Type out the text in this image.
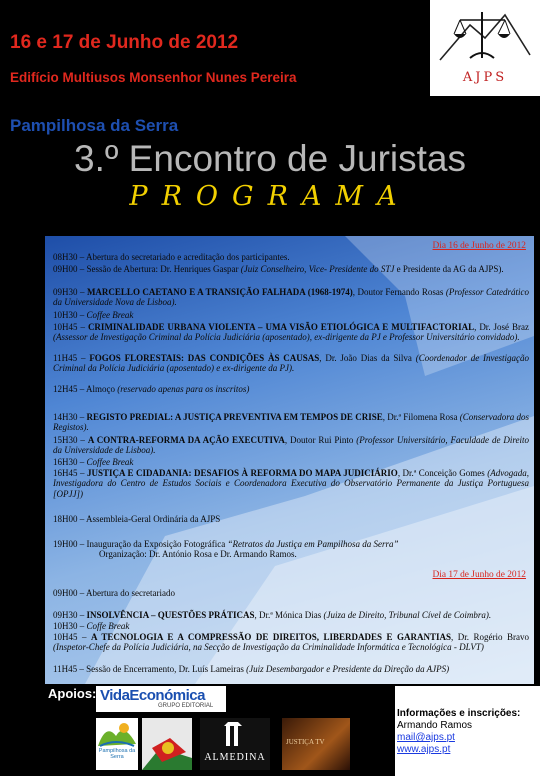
16 e 17 de Junho de 2012
Edifício Multiusos Monsenhor Nunes Pereira	AJPS
Pampilhosa da Serra
3.º Encontro de Juristas
PROGRAMA
Dia 16 de Junho de 2012
08H30 – Abertura do secretariado e acreditação dos participantes.
09H00 – Sessão de Abertura: Dr. Henriques Gaspar (Juiz Conselheiro, Vice- Presidente do STJ e Presidente da AG da AJPS).
09H30 – MARCELLO CAETANO E A TRANSIÇÃO FALHADA (1968-1974), Doutor Fernando Rosas (Professor Catedrático da Universidade Nova de Lisboa).
10H30 – Coffee Break
10H45 – CRIMINALIDADE URBANA VIOLENTA – UMA VISÃO ETIOLÓGICA E MULTIFACTORIAL, Dr. José Braz (Assessor de Investigação Criminal da Polícia Judiciária (aposentado), ex-dirigente da PJ e Professor Universitário convidado).
11H45 – FOGOS FLORESTAIS: DAS CONDIÇÕES ÀS CAUSAS, Dr. João Dias da Silva (Coordenador de Investigação Criminal da Polícia Judiciária (aposentado) e ex-dirigente da PJ).
12H45 – Almoço (reservado apenas para os inscritos)
14H30 – REGISTO PREDIAL: A JUSTIÇA PREVENTIVA EM TEMPOS DE CRISE, Dr.ª Filomena Rosa (Conservadora dos Registos).
15H30 – A CONTRA-REFORMA DA AÇÃO EXECUTIVA, Doutor Rui Pinto (Professor Universitário, Faculdade de Direito da Universidade de Lisboa).
16H30 – Coffee Break
16H45 – JUSTIÇA E CIDADANIA: DESAFIOS À REFORMA DO MAPA JUDICIÁRIO, Dr.ª Conceição Gomes (Advogada, Investigadora do Centro de Estudos Sociais e Coordenadora Executiva do Observatório Permanente da Justiça Portuguesa [OPJJ])
18H00 – Assembleia-Geral Ordinária da AJPS
19H00 – Inauguração da Exposição Fotográfica “Retratos da Justiça em Pampilhosa da Serra”
Organização: Dr. António Rosa e Dr. Armando Ramos.
Dia 17 de Junho de 2012
09H00 – Abertura do secretariado
09H30 – INSOLVÊNCIA – QUESTÕES PRÁTICAS, Dr.ª Mónica Dias (Juiza de Direito, Tribunal Cível de Coimbra).
10H30 – Coffe Break
10H45 – A TECNOLOGIA E A COMPRESSÃO DE DIREITOS, LIBERDADES E GARANTIAS, Dr. Rogério Bravo (Inspetor-Chefe da Polícia Judiciária, na Secção de Investigação da Criminalidade Informática e Tecnológica - DLVT)
11H45 – Sessão de Encerramento, Dr. Luís Lameiras (Juiz Desembargador e Presidente da Direção da AJPS)
Apoios: VidaEconómica
GRUPO EDITORIAL
Pampilhosa da Serra	ALMEDINA
JUSTIÇA TV
Informações e inscrições:
Armando Ramos
mail@ajps.pt
www.ajps.pt
